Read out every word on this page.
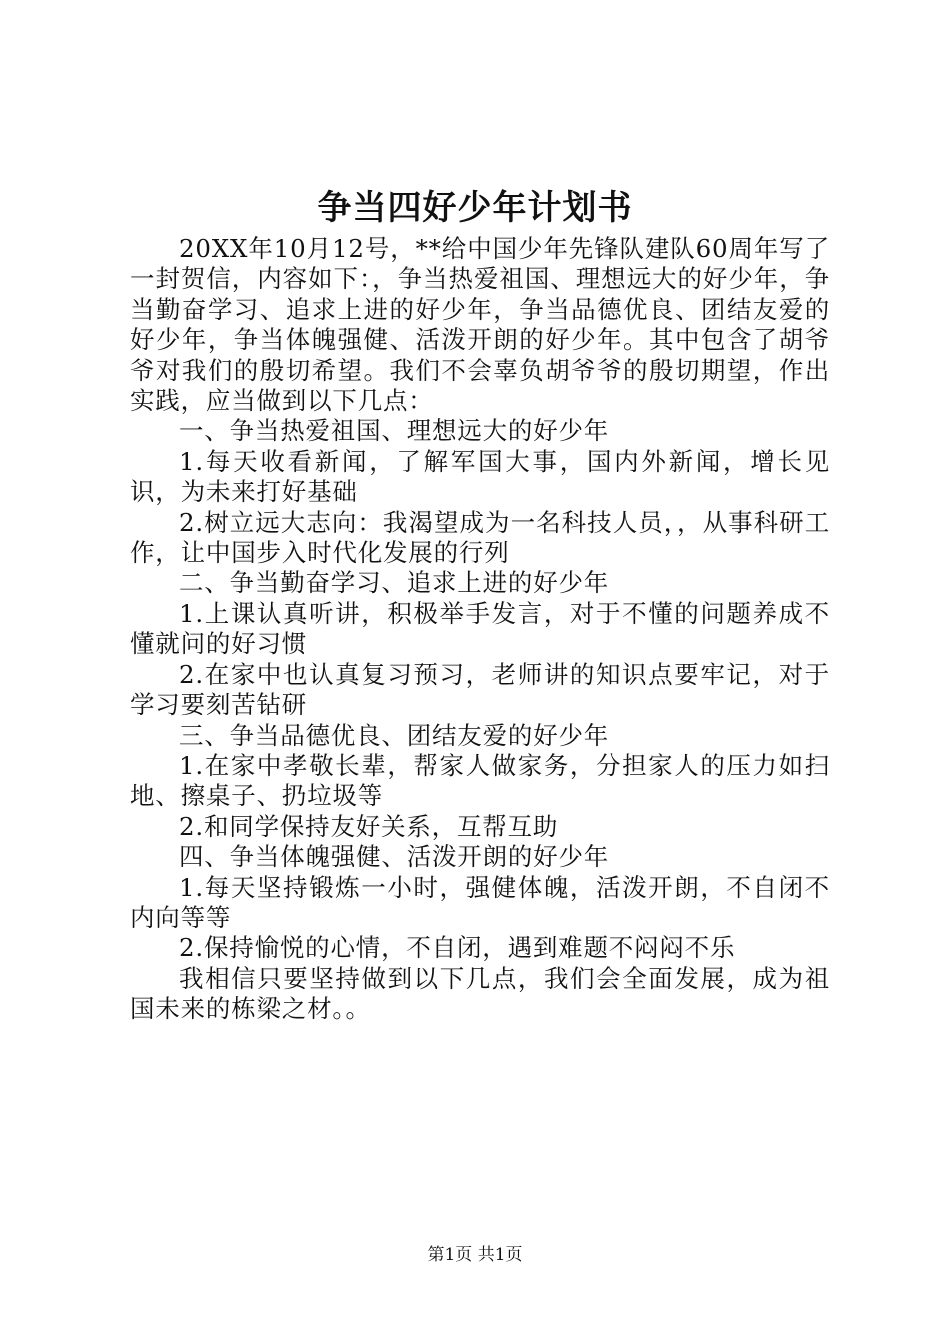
争当四好少年计划书

20XX年10月12号，**给中国少年先锋队建队60周年写了一封贺信，内容如下：，争当热爱祖国、理想远大的好少年，争当勤奋学习、追求上进的好少年，争当品德优良、团结友爱的好少年，争当体魄强健、活泼开朗的好少年。其中包含了胡爷爷对我们的殷切希望。我们不会辜负胡爷爷的殷切期望，作出实践，应当做到以下几点：

一、争当热爱祖国、理想远大的好少年

1.每天收看新闻，了解军国大事，国内外新闻，增长见识，为未来打好基础

2.树立远大志向：我渴望成为一名科技人员，，从事科研工作，让中国步入时代化发展的行列

二、争当勤奋学习、追求上进的好少年

1.上课认真听讲，积极举手发言，对于不懂的问题养成不懂就问的好习惯

2.在家中也认真复习预习，老师讲的知识点要牢记，对于学习要刻苦钻研

三、争当品德优良、团结友爱的好少年

1.在家中孝敬长辈，帮家人做家务，分担家人的压力如扫地、擦桌子、扔垃圾等

2.和同学保持友好关系，互帮互助

四、争当体魄强健、活泼开朗的好少年

1.每天坚持锻炼一小时，强健体魄，活泼开朗，不自闭不内向等等

2.保持愉悦的心情，不自闭，遇到难题不闷闷不乐

我相信只要坚持做到以下几点，我们会全面发展，成为祖国未来的栋梁之材。。

第1页 共1页
